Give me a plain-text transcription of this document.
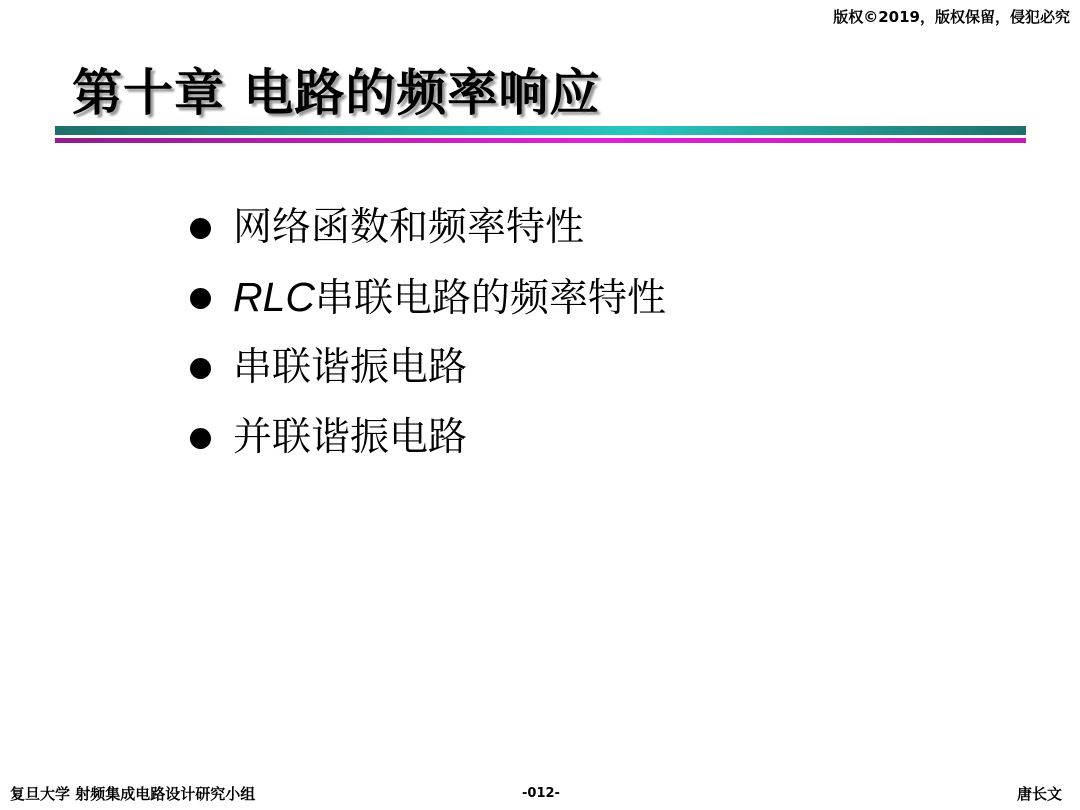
版权©2019，版权保留，侵犯必究
第十章 电路的频率响应
网络函数和频率特性
RLC串联电路的频率特性
串联谐振电路
并联谐振电路
复旦大学 射频集成电路设计研究小组	-012-	唐长文
